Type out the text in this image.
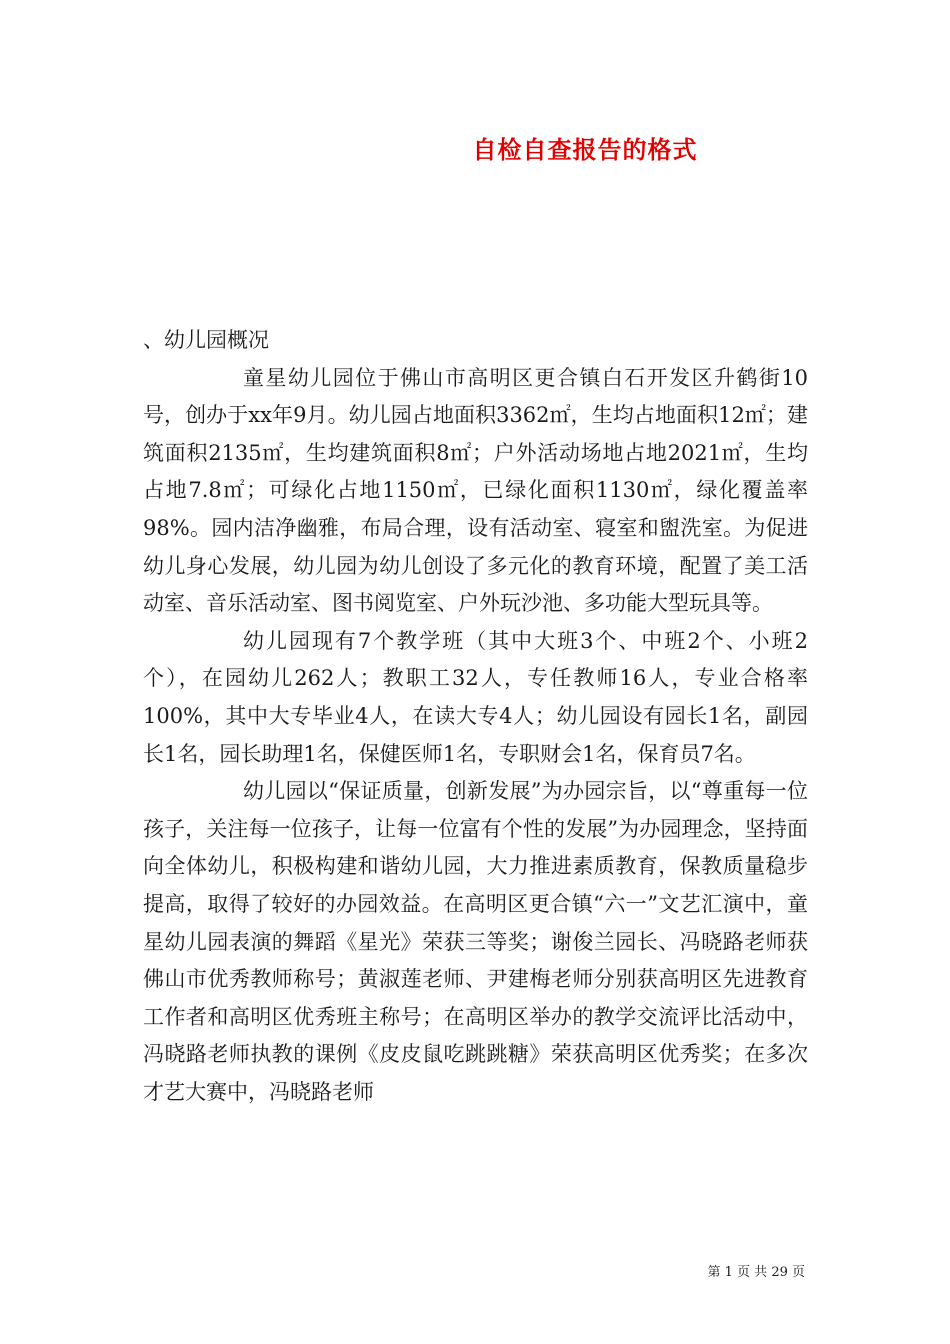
自检自查报告的格式

、幼儿园概况

童星幼儿园位于佛山市高明区更合镇白石开发区升鹤街10号，创办于xx年9月。幼儿园占地面积3362㎡，生均占地面积12㎡；建筑面积2135㎡，生均建筑面积8㎡；户外活动场地占地2021㎡，生均占地7.8㎡；可绿化占地1150㎡，已绿化面积1130㎡，绿化覆盖率98%。园内洁净幽雅，布局合理，设有活动室、寝室和盥洗室。为促进幼儿身心发展，幼儿园为幼儿创设了多元化的教育环境，配置了美工活动室、音乐活动室、图书阅览室、户外玩沙池、多功能大型玩具等。

幼儿园现有7个教学班（其中大班3个、中班2个、小班2个），在园幼儿262人；教职工32人，专任教师16人，专业合格率100%，其中大专毕业4人，在读大专4人；幼儿园设有园长1名，副园长1名，园长助理1名，保健医师1名，专职财会1名，保育员7名。

幼儿园以“保证质量，创新发展”为办园宗旨，以“尊重每一位孩子，关注每一位孩子，让每一位富有个性的发展”为办园理念，坚持面向全体幼儿，积极构建和谐幼儿园，大力推进素质教育，保教质量稳步提高，取得了较好的办园效益。在高明区更合镇“六一”文艺汇演中，童星幼儿园表演的舞蹈《星光》荣获三等奖；谢俊兰园长、冯晓路老师获佛山市优秀教师称号；黄淑莲老师、尹建梅老师分别获高明区先进教育工作者和高明区优秀班主称号；在高明区举办的教学交流评比活动中，冯晓路老师执教的课例《皮皮鼠吃跳跳糖》荣获高明区优秀奖；在多次才艺大赛中，冯晓路老师

第 1 页 共 29 页
